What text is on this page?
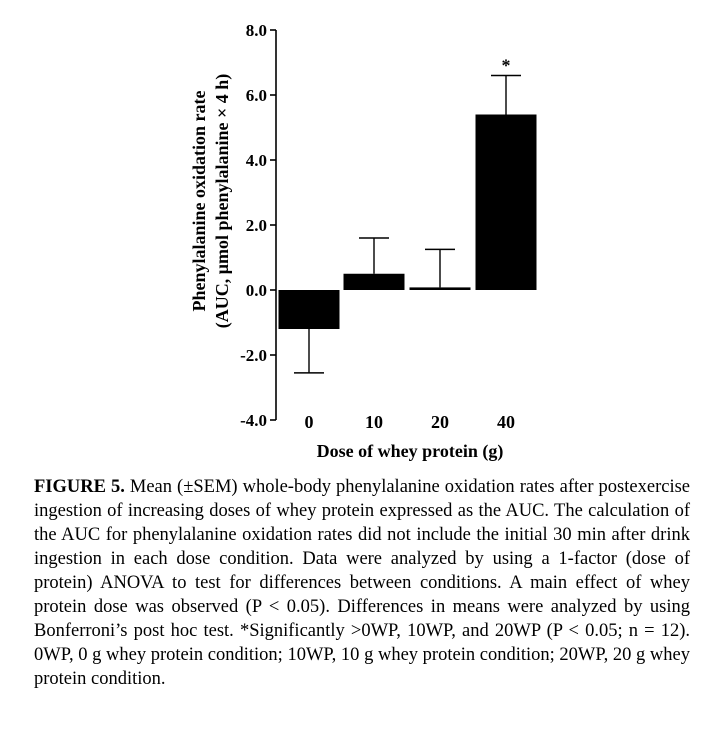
Phenylalanine oxidation rate (AUC, μmol phenylalanine × 4 h)
-4.0
-2.0
0.0
2.0
4.0
6.0
8.0
*
0	10	20	40
Dose of whey protein (g)

FIGURE 5. Mean (±SEM) whole-body phenylalanine oxidation rates after postexercise ingestion of increasing doses of whey protein expressed as the AUC. The calculation of the AUC for phenylalanine oxidation rates did not include the initial 30 min after drink ingestion in each dose condition. Data were analyzed by using a 1-factor (dose of protein) ANOVA to test for differences between conditions. A main effect of whey protein dose was observed (P < 0.05). Differences in means were analyzed by using Bonferroni’s post hoc test. *Significantly >0WP, 10WP, and 20WP (P < 0.05; n = 12). 0WP, 0 g whey protein condition; 10WP, 10 g whey protein condition; 20WP, 20 g whey protein condition.
